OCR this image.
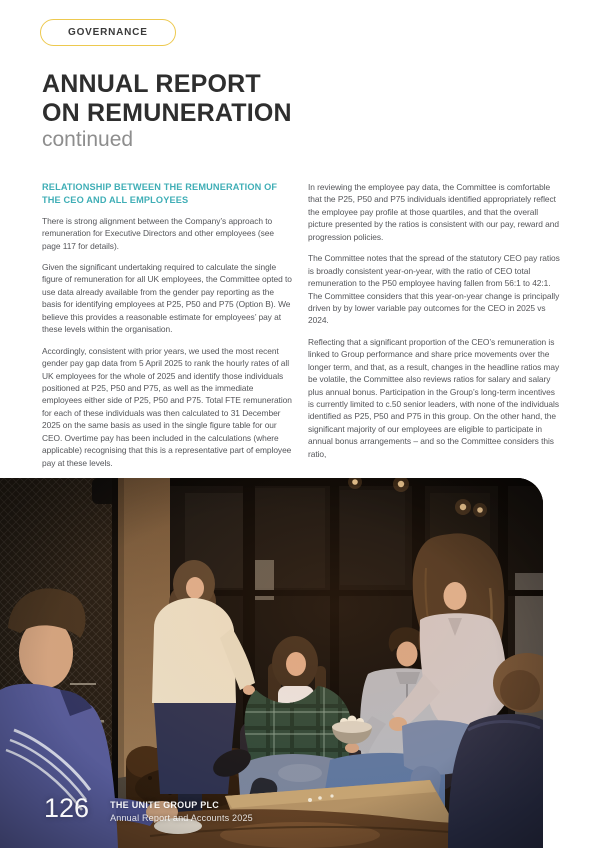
GOVERNANCE
ANNUAL REPORT
ON REMUNERATION
continued
RELATIONSHIP BETWEEN THE REMUNERATION OF THE CEO AND ALL EMPLOYEES

There is strong alignment between the Company’s approach to remuneration for Executive Directors and other employees (see page 117 for details).

Given the significant undertaking required to calculate the single figure of remuneration for all UK employees, the Committee opted to use data already available from the gender pay reporting as the basis for identifying employees at P25, P50 and P75 (Option B). We believe this provides a reasonable estimate for employees’ pay at these levels within the organisation.

Accordingly, consistent with prior years, we used the most recent gender pay gap data from 5 April 2025 to rank the hourly rates of all UK employees for the whole of 2025 and identify those individuals positioned at P25, P50 and P75, as well as the immediate employees either side of P25, P50 and P75. Total FTE remuneration for each of these individuals was then calculated to 31 December 2025 on the same basis as used in the single figure table for our CEO. Overtime pay has been included in the calculations (where applicable) recognising that this is a representative part of employee pay at these levels.

In reviewing the employee pay data, the Committee is comfortable that the P25, P50 and P75 individuals identified appropriately reflect the employee pay profile at those quartiles, and that the overall picture presented by the ratios is consistent with our pay, reward and progression policies.

The Committee notes that the spread of the statutory CEO pay ratios is broadly consistent year-on-year, with the ratio of CEO total remuneration to the P50 employee having fallen from 56:1 to 42:1. The Committee considers that this year-on-year change is principally driven by by lower variable pay outcomes for the CEO in 2025 vs 2024.

Reflecting that a significant proportion of the CEO’s remuneration is linked to Group performance and share price movements over the longer term, and that, as a result, changes in the headline ratios may be volatile, the Committee also reviews ratios for salary and salary plus annual bonus. Participation in the Group’s long-term incentives is currently limited to c.50 senior leaders, with none of the individuals identified as P25, P50 and P75 in this group. On the other hand, the significant majority of our employees are eligible to participate in annual bonus arrangements – and so the Committee considers this ratio,

126 THE UNITE GROUP PLC
Annual Report and Accounts 2025
